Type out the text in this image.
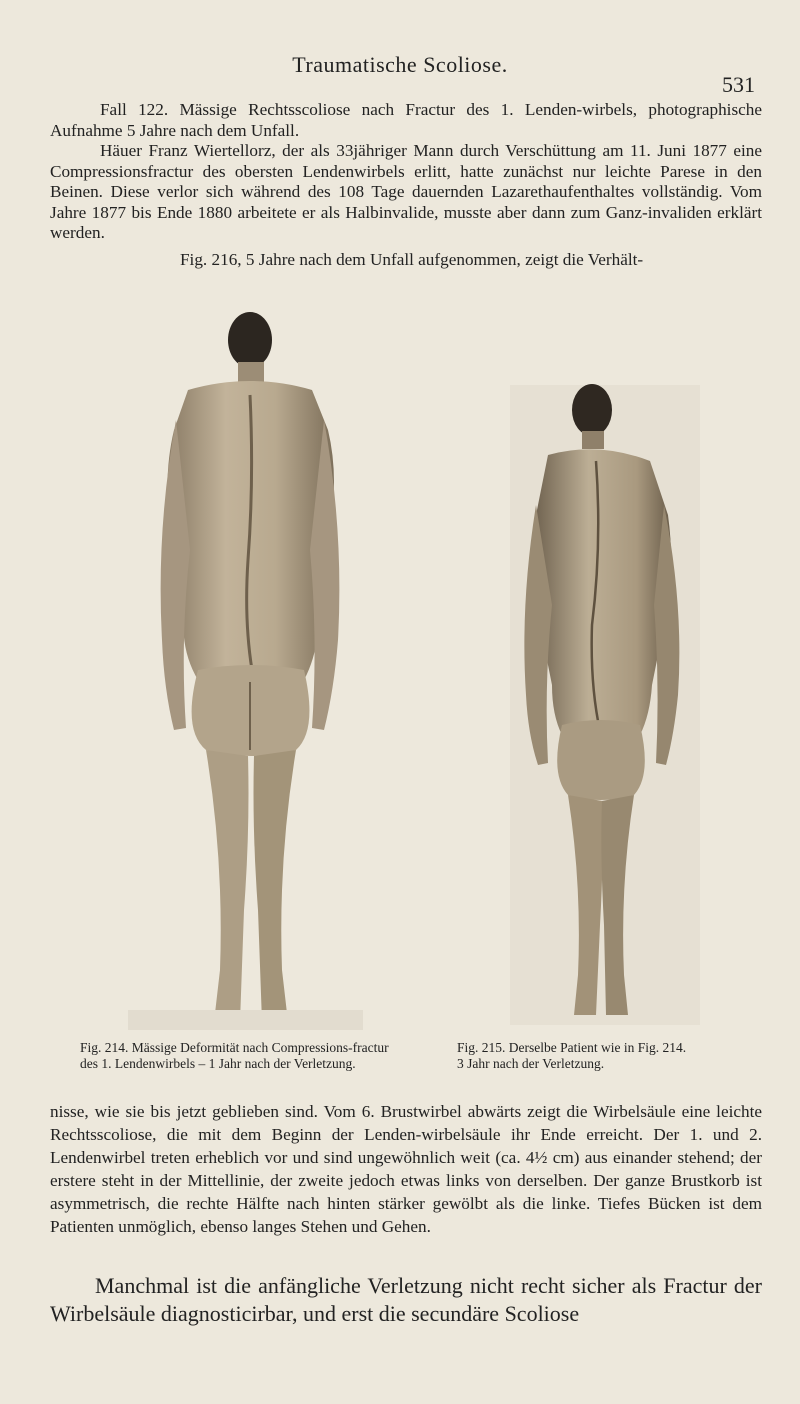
Traumatische Scoliose.
531

Fall 122. Mässige Rechtsscoliose nach Fractur des 1. Lenden-wirbels, photographische Aufnahme 5 Jahre nach dem Unfall.

Häuer Franz Wiertellorz, der als 33jähriger Mann durch Verschüttung am 11. Juni 1877 eine Compressionsfractur des obersten Lendenwirbels erlitt, hatte zunächst nur leichte Parese in den Beinen. Diese verlor sich während des 108 Tage dauernden Lazarethaufenthaltes vollständig. Vom Jahre 1877 bis Ende 1880 arbeitete er als Halbinvalide, musste aber dann zum Ganz-invaliden erklärt werden.

Fig. 216, 5 Jahre nach dem Unfall aufgenommen, zeigt die Verhält-

Fig. 214. Mässige Deformität nach Compressions-fractur des 1. Lendenwirbels – 1 Jahr nach der Verletzung.
Fig. 215. Derselbe Patient wie in Fig. 214.
3 Jahr nach der Verletzung.

nisse, wie sie bis jetzt geblieben sind. Vom 6. Brustwirbel abwärts zeigt die Wirbelsäule eine leichte Rechtsscoliose, die mit dem Beginn der Lenden-wirbelsäule ihr Ende erreicht. Der 1. und 2. Lendenwirbel treten erheblich vor und sind ungewöhnlich weit (ca. 4½ cm) aus einander stehend; der erstere steht in der Mittellinie, der zweite jedoch etwas links von derselben. Der ganze Brustkorb ist asymmetrisch, die rechte Hälfte nach hinten stärker gewölbt als die linke. Tiefes Bücken ist dem Patienten unmöglich, ebenso langes Stehen und Gehen.

Manchmal ist die anfängliche Verletzung nicht recht sicher als Fractur der Wirbelsäule diagnosticirbar, und erst die secundäre Scoliose
